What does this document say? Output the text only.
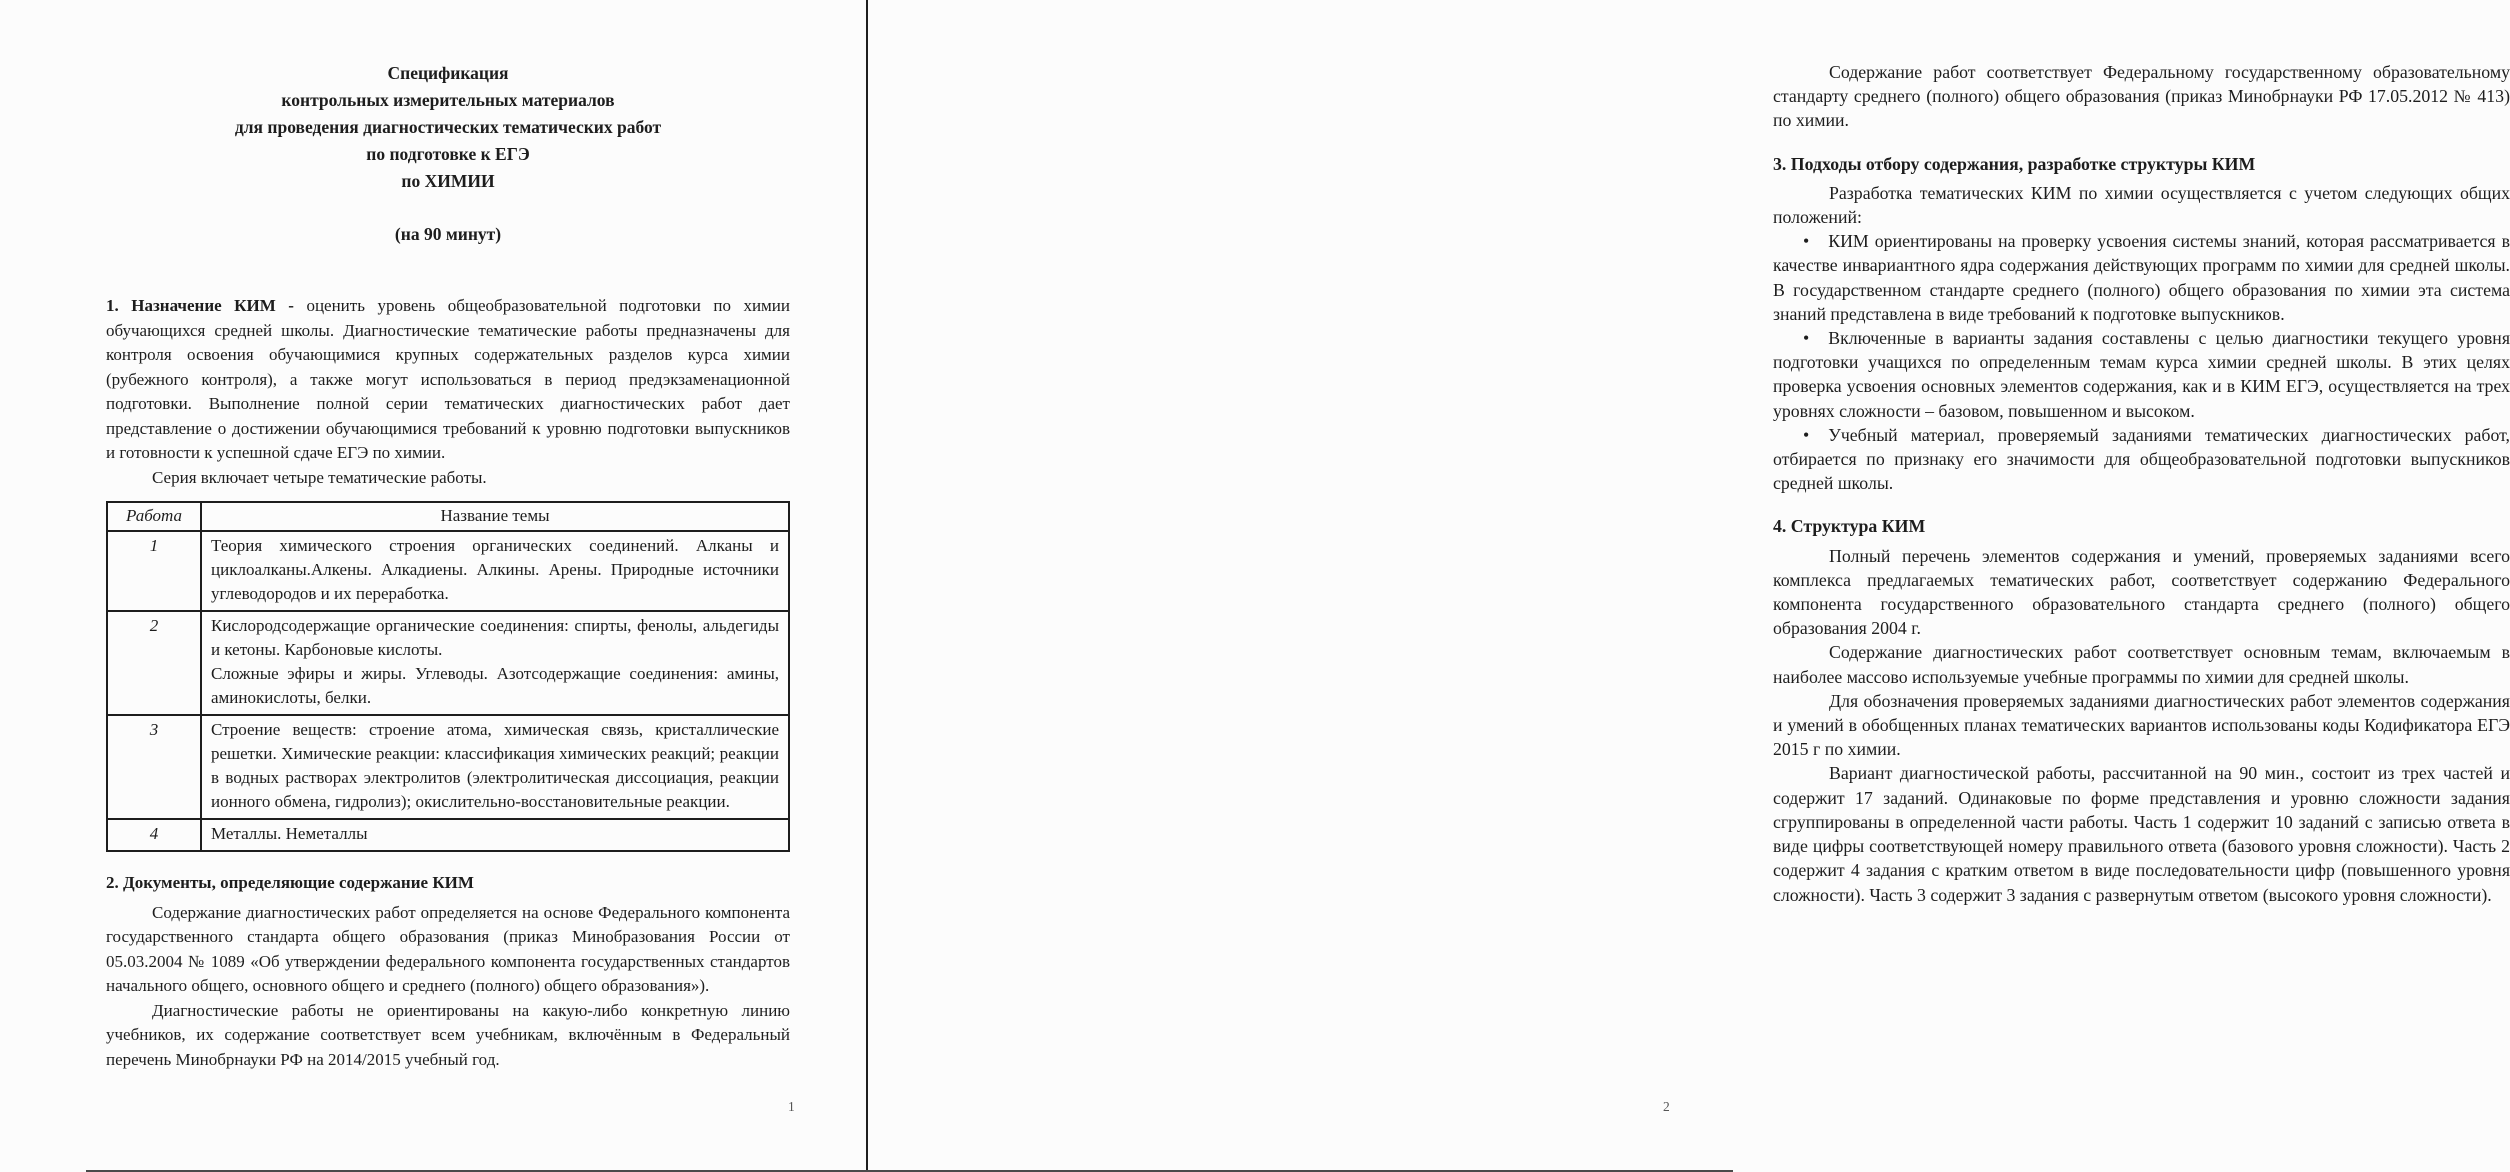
Спецификация
контрольных измерительных материалов
для проведения диагностических тематических работ
по подготовке к ЕГЭ
по ХИМИИ
(на 90 минут)

1. Назначение КИМ - оценить уровень общеобразовательной подготовки по химии обучающихся средней школы. Диагностические тематические работы предназначены для контроля освоения обучающимися крупных содержательных разделов курса химии (рубежного контроля), а также могут использоваться в период предэкзаменационной подготовки. Выполнение полной серии тематических диагностических работ дает представление о достижении обучающимися требований к уровню подготовки выпускников и готовности к успешной сдаче ЕГЭ по химии.

Серия включает четыре тематические работы.

Работа	Название темы
1	Теория химического строения органических соединений. Алканы и циклоалканы.Алкены. Алкадиены. Алкины. Арены. Природные источники углеводородов и их переработка.

2	Кислородсодержащие органические соединения: спирты, фенолы, альдегиды и кетоны. Карбоновые кислоты.
Сложные эфиры и жиры. Углеводы. Азотсодержащие соединения: амины, аминокислоты, белки.

3	Строение веществ: строение атома, химическая связь, кристаллические решетки. Химические реакции: классификация химических реакций; реакции в водных растворах электролитов (электролитическая диссоциация, реакции ионного обмена, гидролиз); окислительно-восстановительные реакции.

4	Металлы. Неметаллы

2. Документы, определяющие содержание КИМ

Содержание диагностических работ определяется на основе Федерального компонента государственного стандарта общего образования (приказ Минобразования России от 05.03.2004 № 1089 «Об утверждении федерального компонента государственных стандартов начального общего, основного общего и среднего (полного) общего образования»).

Диагностические работы не ориентированы на какую-либо конкретную линию учебников, их содержание соответствует всем учебникам, включённым в Федеральный перечень Минобрнауки РФ на 2014/2015 учебный год.

Содержание работ соответствует Федеральному государственному образовательному стандарту среднего (полного) общего образования (приказ Минобрнауки РФ 17.05.2012 № 413) по химии.

3. Подходы отбору содержания, разработке структуры КИМ

Разработка тематических КИМ по химии осуществляется с учетом следующих общих положений:

• КИМ ориентированы на проверку усвоения системы знаний, которая рассматривается в качестве инвариантного ядра содержания действующих программ по химии для средней школы. В государственном стандарте среднего (полного) общего образования по химии эта система знаний представлена в виде требований к подготовке выпускников.

• Включенные в варианты задания составлены с целью диагностики текущего уровня подготовки учащихся по определенным темам курса химии средней школы. В этих целях проверка усвоения основных элементов содержания, как и в КИМ ЕГЭ, осуществляется на трех уровнях сложности – базовом, повышенном и высоком.

• Учебный материал, проверяемый заданиями тематических диагностических работ, отбирается по признаку его значимости для общеобразовательной подготовки выпускников средней школы.

4. Структура КИМ

Полный перечень элементов содержания и умений, проверяемых заданиями всего комплекса предлагаемых тематических работ, соответствует содержанию Федерального компонента государственного образовательного стандарта среднего (полного) общего образования 2004 г.

Содержание диагностических работ соответствует основным темам, включаемым в наиболее массово используемые учебные программы по химии для средней школы.

Для обозначения проверяемых заданиями диагностических работ элементов содержания и умений в обобщенных планах тематических вариантов использованы коды Кодификатора ЕГЭ 2015 г по химии.

Вариант диагностической работы, рассчитанной на 90 мин., состоит из трех частей и содержит 17 заданий. Одинаковые по форме представления и уровню сложности задания сгруппированы в определенной части работы. Часть 1 содержит 10 заданий с записью ответа в виде цифры соответствующей номеру правильного ответа (базового уровня сложности). Часть 2 содержит 4 задания с кратким ответом в виде последовательности цифр (повышенного уровня сложности). Часть 3 содержит 3 задания с развернутым ответом (высокого уровня сложности).

1	2
